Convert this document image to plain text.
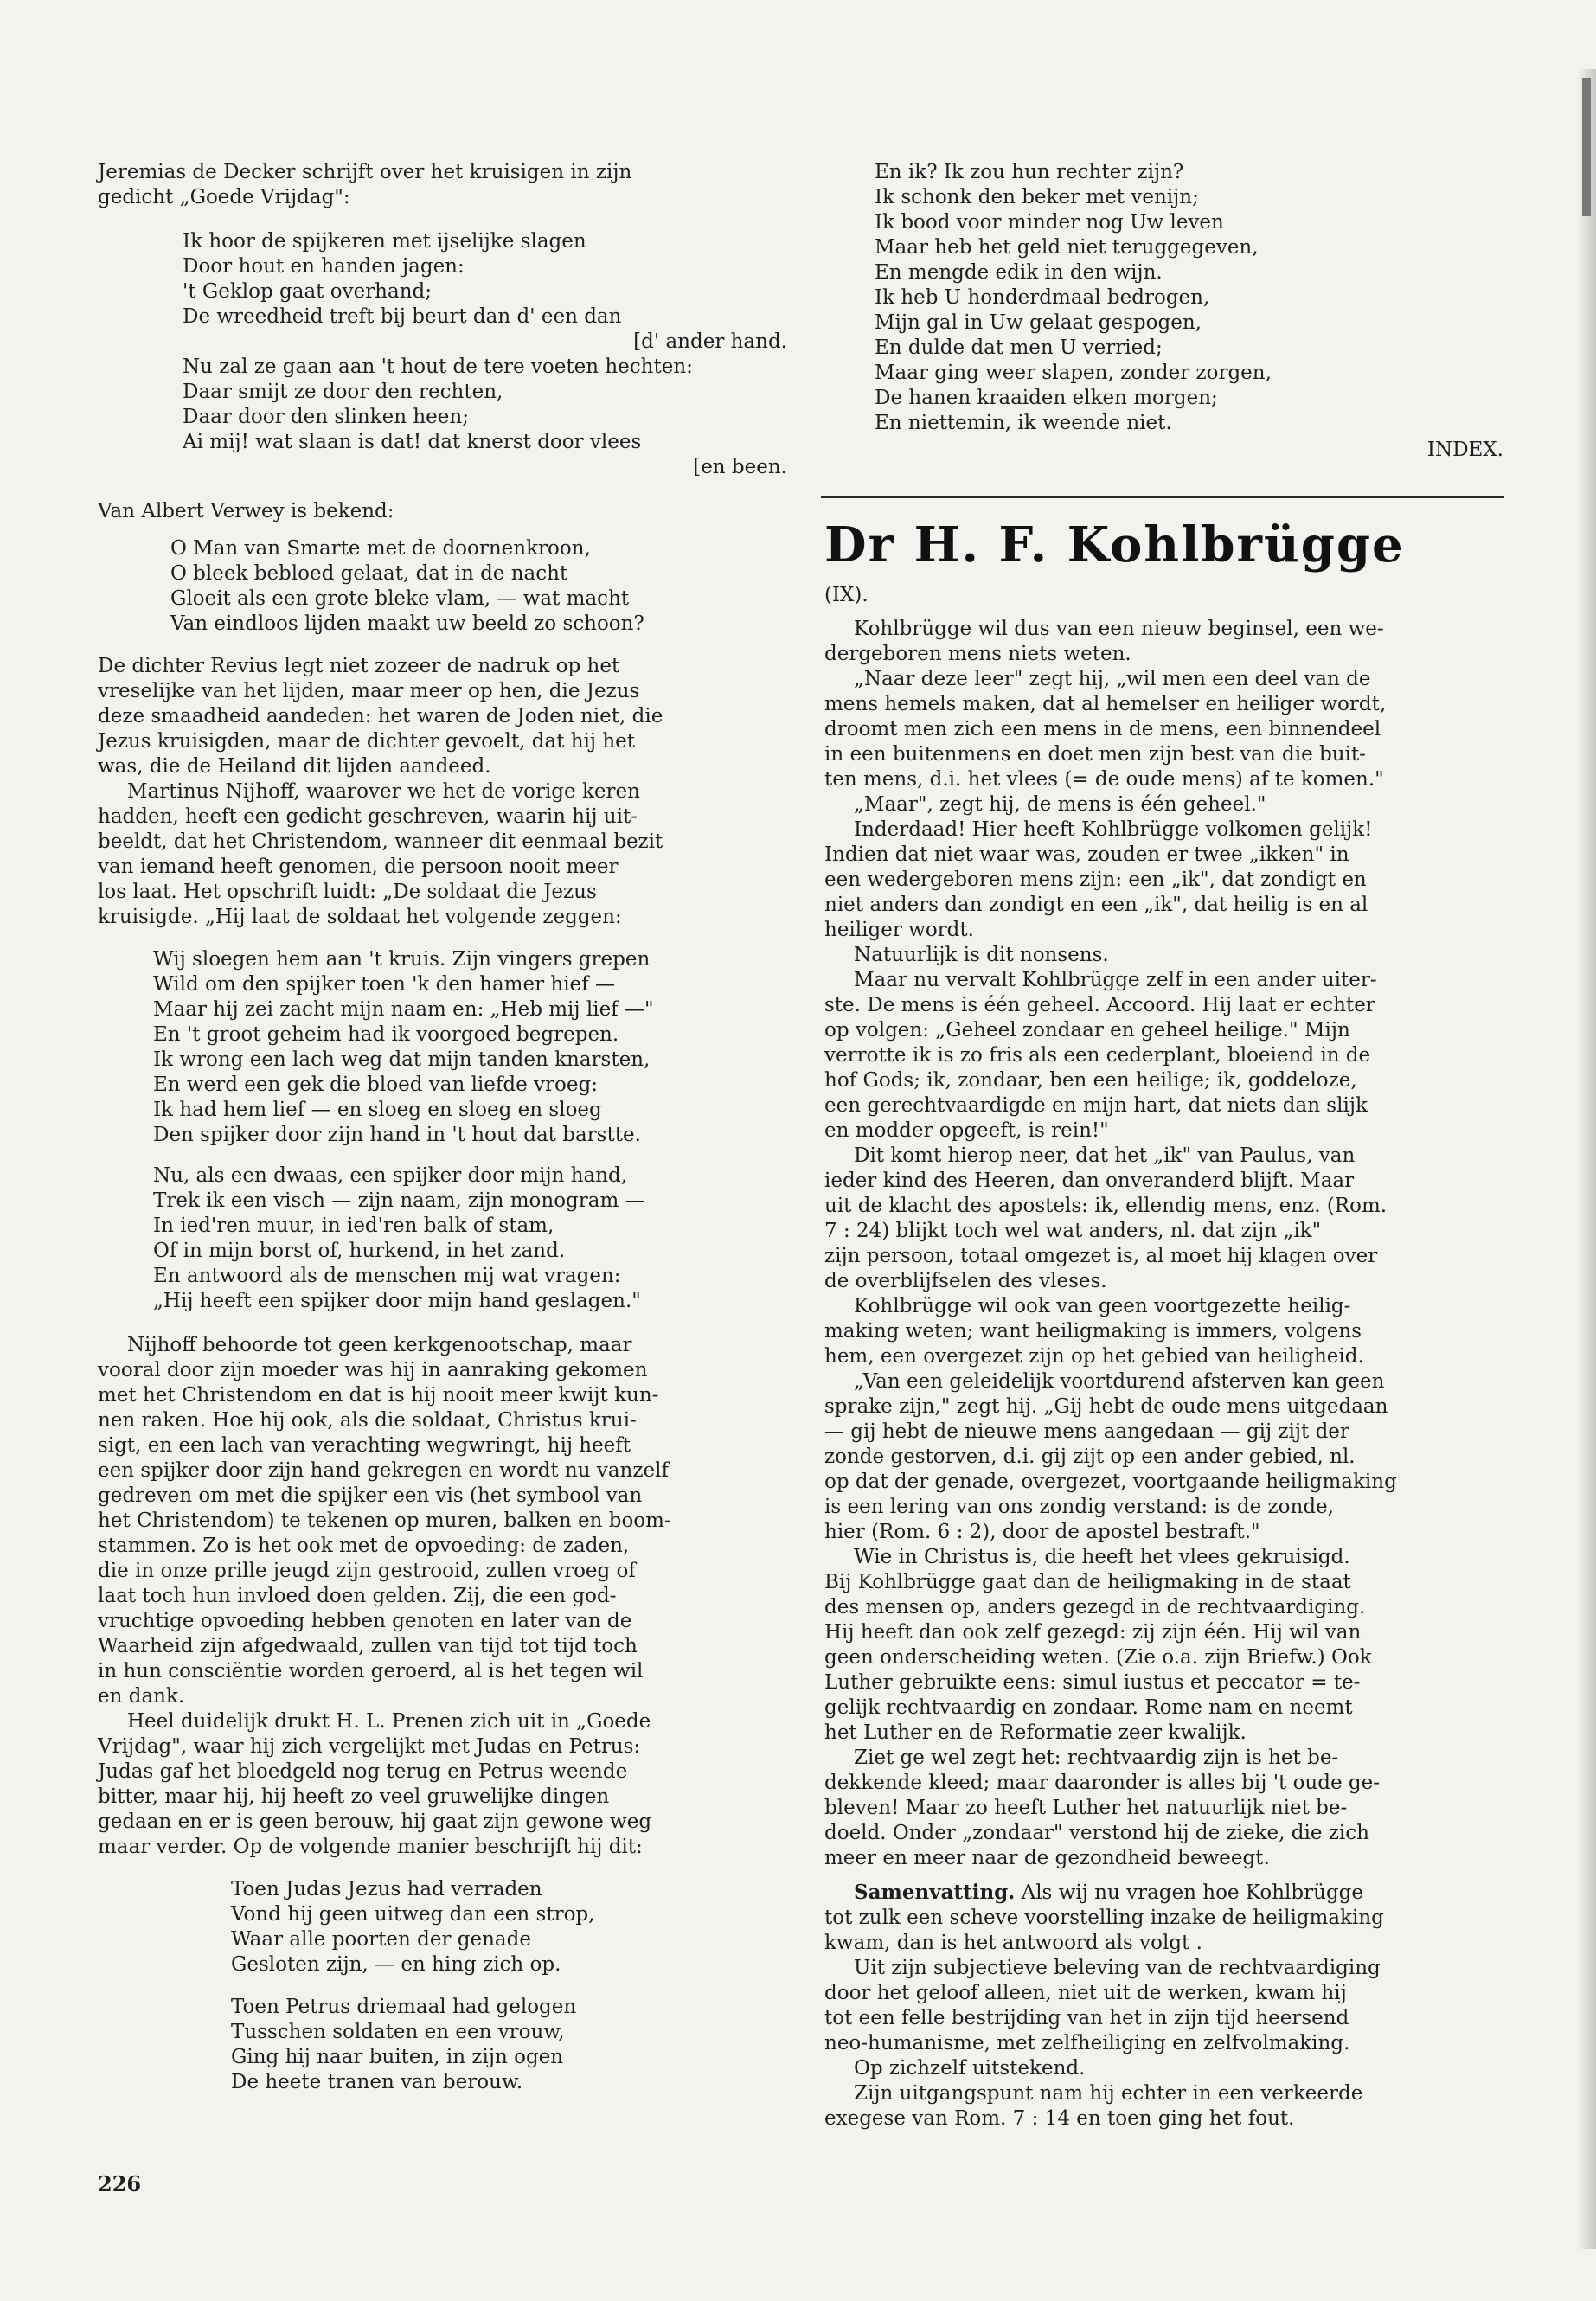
Jeremias de Decker schrijft over het kruisigen in zijn

gedicht „Goede Vrijdag":

Ik hoor de spijkeren met ijselijke slagen

Door hout en handen jagen:

't Geklop gaat overhand;

De wreedheid treft bij beurt dan d' een dan

[d' ander hand.

Nu zal ze gaan aan 't hout de tere voeten hechten:

Daar smijt ze door den rechten,

Daar door den slinken heen;

Ai mij! wat slaan is dat! dat knerst door vlees

[en been.

Van Albert Verwey is bekend:

O Man van Smarte met de doornenkroon,

O bleek bebloed gelaat, dat in de nacht

Gloeit als een grote bleke vlam, — wat macht

Van eindloos lijden maakt uw beeld zo schoon?

De dichter Revius legt niet zozeer de nadruk op het

vreselijke van het lijden, maar meer op hen, die Jezus

deze smaadheid aandeden: het waren de Joden niet, die

Jezus kruisigden, maar de dichter gevoelt, dat hij het

was, die de Heiland dit lijden aandeed.

Martinus Nijhoff, waarover we het de vorige keren

hadden, heeft een gedicht geschreven, waarin hij uit-

beeldt, dat het Christendom, wanneer dit eenmaal bezit

van iemand heeft genomen, die persoon nooit meer

los laat. Het opschrift luidt: „De soldaat die Jezus

kruisigde. „Hij laat de soldaat het volgende zeggen:

Wij sloegen hem aan 't kruis. Zijn vingers grepen

Wild om den spijker toen 'k den hamer hief —

Maar hij zei zacht mijn naam en: „Heb mij lief —"

En 't groot geheim had ik voorgoed begrepen.

Ik wrong een lach weg dat mijn tanden knarsten,

En werd een gek die bloed van liefde vroeg:

Ik had hem lief — en sloeg en sloeg en sloeg

Den spijker door zijn hand in 't hout dat barstte.

Nu, als een dwaas, een spijker door mijn hand,

Trek ik een visch — zijn naam, zijn monogram —

In ied'ren muur, in ied'ren balk of stam,

Of in mijn borst of, hurkend, in het zand.

En antwoord als de menschen mij wat vragen:

„Hij heeft een spijker door mijn hand geslagen."

Nijhoff behoorde tot geen kerkgenootschap, maar

vooral door zijn moeder was hij in aanraking gekomen

met het Christendom en dat is hij nooit meer kwijt kun-

nen raken. Hoe hij ook, als die soldaat, Christus krui-

sigt, en een lach van verachting wegwringt, hij heeft

een spijker door zijn hand gekregen en wordt nu vanzelf

gedreven om met die spijker een vis (het symbool van

het Christendom) te tekenen op muren, balken en boom-

stammen. Zo is het ook met de opvoeding: de zaden,

die in onze prille jeugd zijn gestrooid, zullen vroeg of

laat toch hun invloed doen gelden. Zij, die een god-

vruchtige opvoeding hebben genoten en later van de

Waarheid zijn afgedwaald, zullen van tijd tot tijd toch

in hun consciëntie worden geroerd, al is het tegen wil

en dank.

Heel duidelijk drukt H. L. Prenen zich uit in „Goede

Vrijdag", waar hij zich vergelijkt met Judas en Petrus:

Judas gaf het bloedgeld nog terug en Petrus weende

bitter, maar hij, hij heeft zo veel gruwelijke dingen

gedaan en er is geen berouw, hij gaat zijn gewone weg

maar verder. Op de volgende manier beschrijft hij dit:

Toen Judas Jezus had verraden

Vond hij geen uitweg dan een strop,

Waar alle poorten der genade

Gesloten zijn, — en hing zich op.

Toen Petrus driemaal had gelogen

Tusschen soldaten en een vrouw,

Ging hij naar buiten, in zijn ogen

De heete tranen van berouw.

En ik? Ik zou hun rechter zijn?

Ik schonk den beker met venijn;

Ik bood voor minder nog Uw leven

Maar heb het geld niet teruggegeven,

En mengde edik in den wijn.

Ik heb U honderdmaal bedrogen,

Mijn gal in Uw gelaat gespogen,

En dulde dat men U verried;

Maar ging weer slapen, zonder zorgen,

De hanen kraaiden elken morgen;

En niettemin, ik weende niet.

INDEX.
Dr H. F. Kohlbrügge
(IX).

Kohlbrügge wil dus van een nieuw beginsel, een we-

dergeboren mens niets weten.

„Naar deze leer" zegt hij, „wil men een deel van de

mens hemels maken, dat al hemelser en heiliger wordt,

droomt men zich een mens in de mens, een binnendeel

in een buitenmens en doet men zijn best van die buit-

ten mens, d.i. het vlees (= de oude mens) af te komen."

„Maar", zegt hij, de mens is één geheel."

Inderdaad! Hier heeft Kohlbrügge volkomen gelijk!

Indien dat niet waar was, zouden er twee „ikken" in

een wedergeboren mens zijn: een „ik", dat zondigt en

niet anders dan zondigt en een „ik", dat heilig is en al

heiliger wordt.

Natuurlijk is dit nonsens.

Maar nu vervalt Kohlbrügge zelf in een ander uiter-

ste. De mens is één geheel. Accoord. Hij laat er echter

op volgen: „Geheel zondaar en geheel heilige." Mijn

verrotte ik is zo fris als een cederplant, bloeiend in de

hof Gods; ik, zondaar, ben een heilige; ik, goddeloze,

een gerechtvaardigde en mijn hart, dat niets dan slijk

en modder opgeeft, is rein!"

Dit komt hierop neer, dat het „ik" van Paulus, van

ieder kind des Heeren, dan onveranderd blijft. Maar

uit de klacht des apostels: ik, ellendig mens, enz. (Rom.

7 : 24) blijkt toch wel wat anders, nl. dat zijn „ik"

zijn persoon, totaal omgezet is, al moet hij klagen over

de overblijfselen des vleses.

Kohlbrügge wil ook van geen voortgezette heilig-

making weten; want heiligmaking is immers, volgens

hem, een overgezet zijn op het gebied van heiligheid.

„Van een geleidelijk voortdurend afsterven kan geen

sprake zijn," zegt hij. „Gij hebt de oude mens uitgedaan

— gij hebt de nieuwe mens aangedaan — gij zijt der

zonde gestorven, d.i. gij zijt op een ander gebied, nl.

op dat der genade, overgezet, voortgaande heiligmaking

is een lering van ons zondig verstand: is de zonde,

hier (Rom. 6 : 2), door de apostel bestraft."

Wie in Christus is, die heeft het vlees gekruisigd.

Bij Kohlbrügge gaat dan de heiligmaking in de staat

des mensen op, anders gezegd in de rechtvaardiging.

Hij heeft dan ook zelf gezegd: zij zijn één. Hij wil van

geen onderscheiding weten. (Zie o.a. zijn Briefw.) Ook

Luther gebruikte eens: simul iustus et peccator = te-

gelijk rechtvaardig en zondaar. Rome nam en neemt

het Luther en de Reformatie zeer kwalijk.

Ziet ge wel zegt het: rechtvaardig zijn is het be-

dekkende kleed; maar daaronder is alles bij 't oude ge-

bleven! Maar zo heeft Luther het natuurlijk niet be-

doeld. Onder „zondaar" verstond hij de zieke, die zich

meer en meer naar de gezondheid beweegt.

Samenvatting. Als wij nu vragen hoe Kohlbrügge

tot zulk een scheve voorstelling inzake de heiligmaking

kwam, dan is het antwoord als volgt .

Uit zijn subjectieve beleving van de rechtvaardiging

door het geloof alleen, niet uit de werken, kwam hij

tot een felle bestrijding van het in zijn tijd heersend

neo-humanisme, met zelfheiliging en zelfvolmaking.

Op zichzelf uitstekend.

Zijn uitgangspunt nam hij echter in een verkeerde

exegese van Rom. 7 : 14 en toen ging het fout.

226
